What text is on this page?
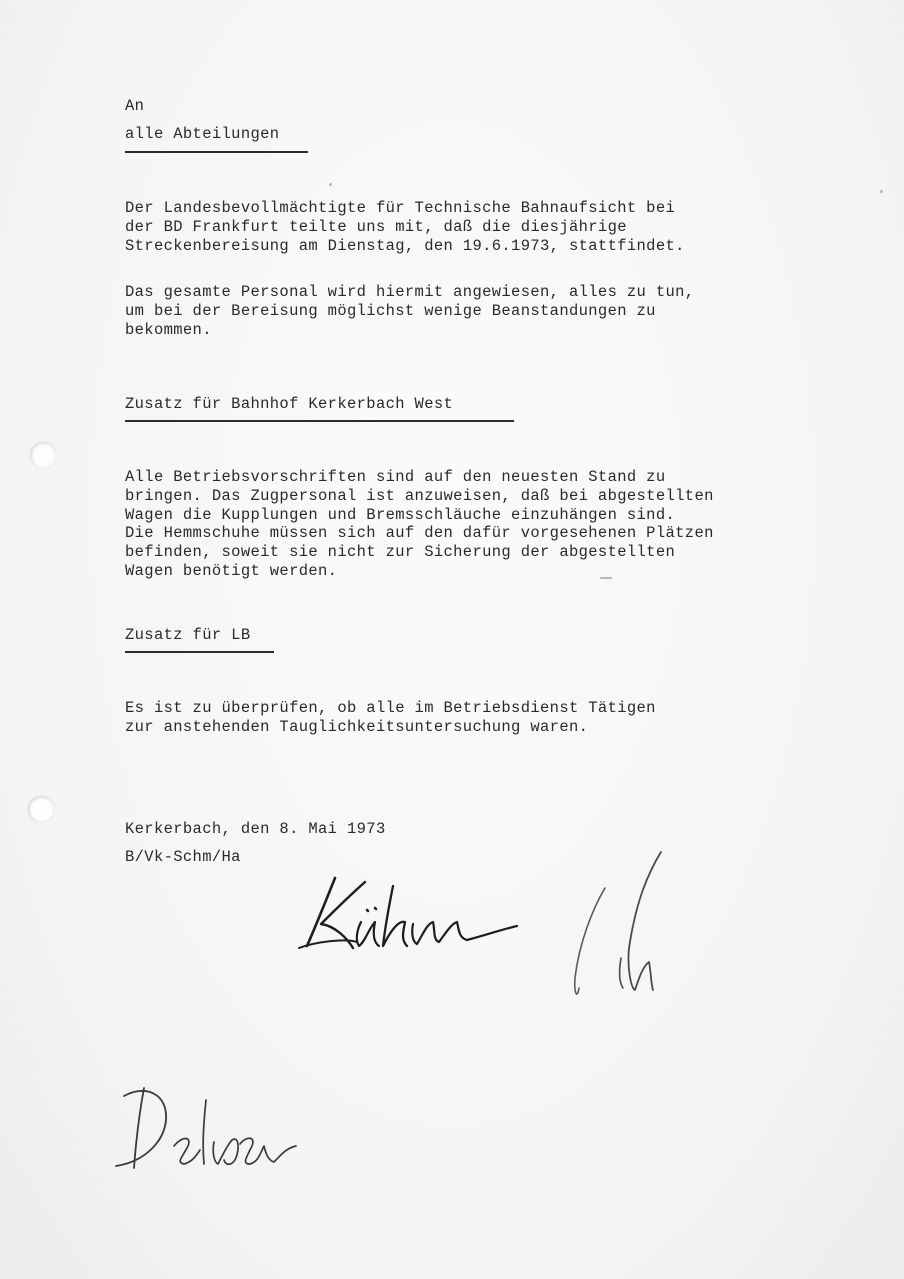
An
alle Abteilungen
Der Landesbevollmächtigte für Technische Bahnaufsicht bei
der BD Frankfurt teilte uns mit, daß die diesjährige
Streckenbereisung am Dienstag, den 19.6.1973, stattfindet.
Das gesamte Personal wird hiermit angewiesen, alles zu tun,
um bei der Bereisung möglichst wenige Beanstandungen zu
bekommen.
Zusatz für Bahnhof Kerkerbach West
Alle Betriebsvorschriften sind auf den neuesten Stand zu
bringen. Das Zugpersonal ist anzuweisen, daß bei abgestellten
Wagen die Kupplungen und Bremsschläuche einzuhängen sind.
Die Hemmschuhe müssen sich auf den dafür vorgesehenen Plätzen
befinden, soweit sie nicht zur Sicherung der abgestellten
Wagen benötigt werden.
Zusatz für LB
Es ist zu überprüfen, ob alle im Betriebsdienst Tätigen
zur anstehenden Tauglichkeitsuntersuchung waren.
Kerkerbach, den 8. Mai 1973
B/Vk-Schm/Ha
